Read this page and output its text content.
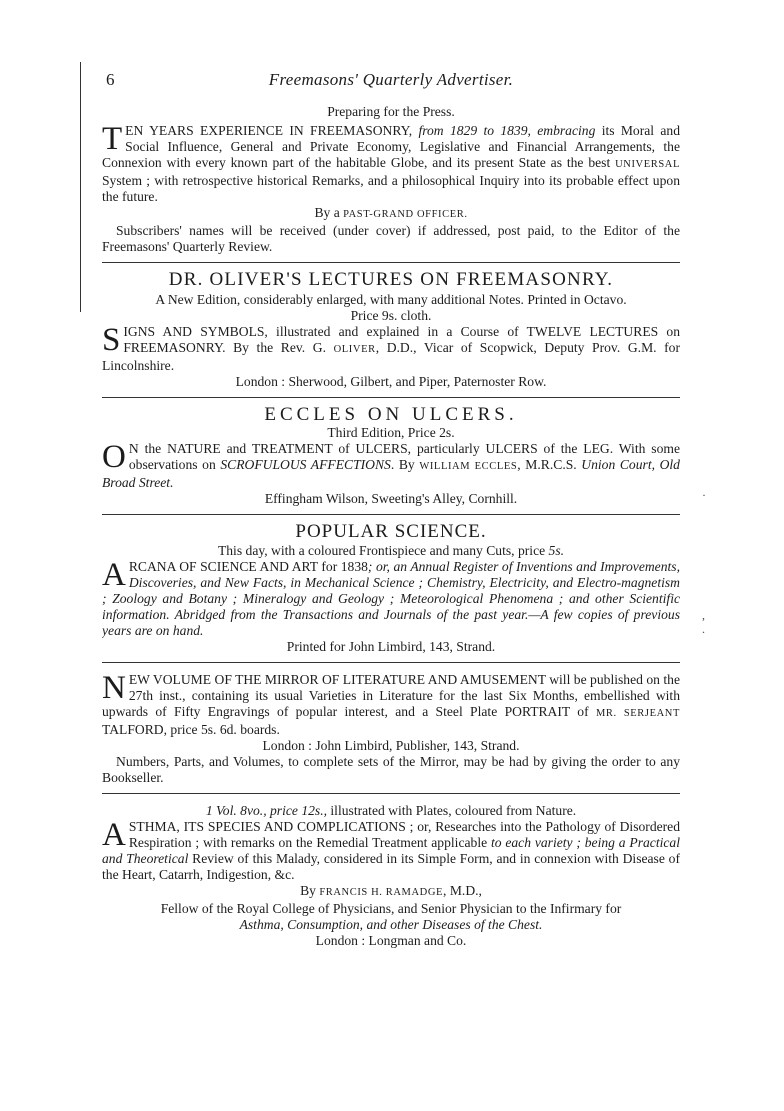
·
,
.
6	Freemasons' Quarterly Advertiser.
Preparing for the Press.
TEN YEARS EXPERIENCE IN FREEMASONRY, from 1829 to 1839, embracing its Moral and Social Influence, General and Private Economy, Legislative and Financial Arrangements, the Connexion with every known part of the habitable Globe, and its present State as the best UNIVERSAL System ; with retrospective historical Remarks, and a philosophical Inquiry into its probable effect upon the future.
By a PAST-GRAND OFFICER.
Subscribers' names will be received (under cover) if addressed, post paid, to the Editor of the Freemasons' Quarterly Review.
DR. OLIVER'S LECTURES ON FREEMASONRY.
A New Edition, considerably enlarged, with many additional Notes. Printed in Octavo.
Price 9s. cloth.
SIGNS AND SYMBOLS, illustrated and explained in a Course of TWELVE LECTURES on FREEMASONRY. By the Rev. G. OLIVER, D.D., Vicar of Scopwick, Deputy Prov. G.M. for Lincolnshire.
London : Sherwood, Gilbert, and Piper, Paternoster Row.
ECCLES ON ULCERS.
Third Edition, Price 2s.
O N the NATURE and TREATMENT of ULCERS, particularly ULCERS of the LEG. With some observations on SCROFULOUS AFFECTIONS. By WILLIAM ECCLES, M.R.C.S. Union Court, Old Broad Street.
Effingham Wilson, Sweeting's Alley, Cornhill.
POPULAR SCIENCE.
This day, with a coloured Frontispiece and many Cuts, price 5s.
ARCANA OF SCIENCE AND ART for 1838; or, an Annual Register of Inventions and Improvements, Discoveries, and New Facts, in Mechanical Science ; Chemistry, Electricity, and Electro-magnetism ; Zoology and Botany ; Mineralogy and Geology ; Meteorological Phenomena ; and other Scientific information. Abridged from the Transactions and Journals of the past year.—A few copies of previous years are on hand.
Printed for John Limbird, 143, Strand.
NEW VOLUME OF THE MIRROR OF LITERATURE AND AMUSEMENT will be published on the 27th inst., containing its usual Varieties in Literature for the last Six Months, embellished with upwards of Fifty Engravings of popular interest, and a Steel Plate PORTRAIT of MR. SERJEANT TALFORD, price 5s. 6d. boards.
London : John Limbird, Publisher, 143, Strand.
Numbers, Parts, and Volumes, to complete sets of the Mirror, may be had by giving the order to any Bookseller.
1 Vol. 8vo., price 12s., illustrated with Plates, coloured from Nature.
ASTHMA, ITS SPECIES AND COMPLICATIONS ; or, Researches into the Pathology of Disordered Respiration ; with remarks on the Remedial Treatment applicable to each variety ; being a Practical and Theoretical Review of this Malady, considered in its Simple Form, and in connexion with Disease of the Heart, Catarrh, Indigestion, &c.
By FRANCIS H. RAMADGE, M.D.,
Fellow of the Royal College of Physicians, and Senior Physician to the Infirmary for
Asthma, Consumption, and other Diseases of the Chest.
London : Longman and Co.
